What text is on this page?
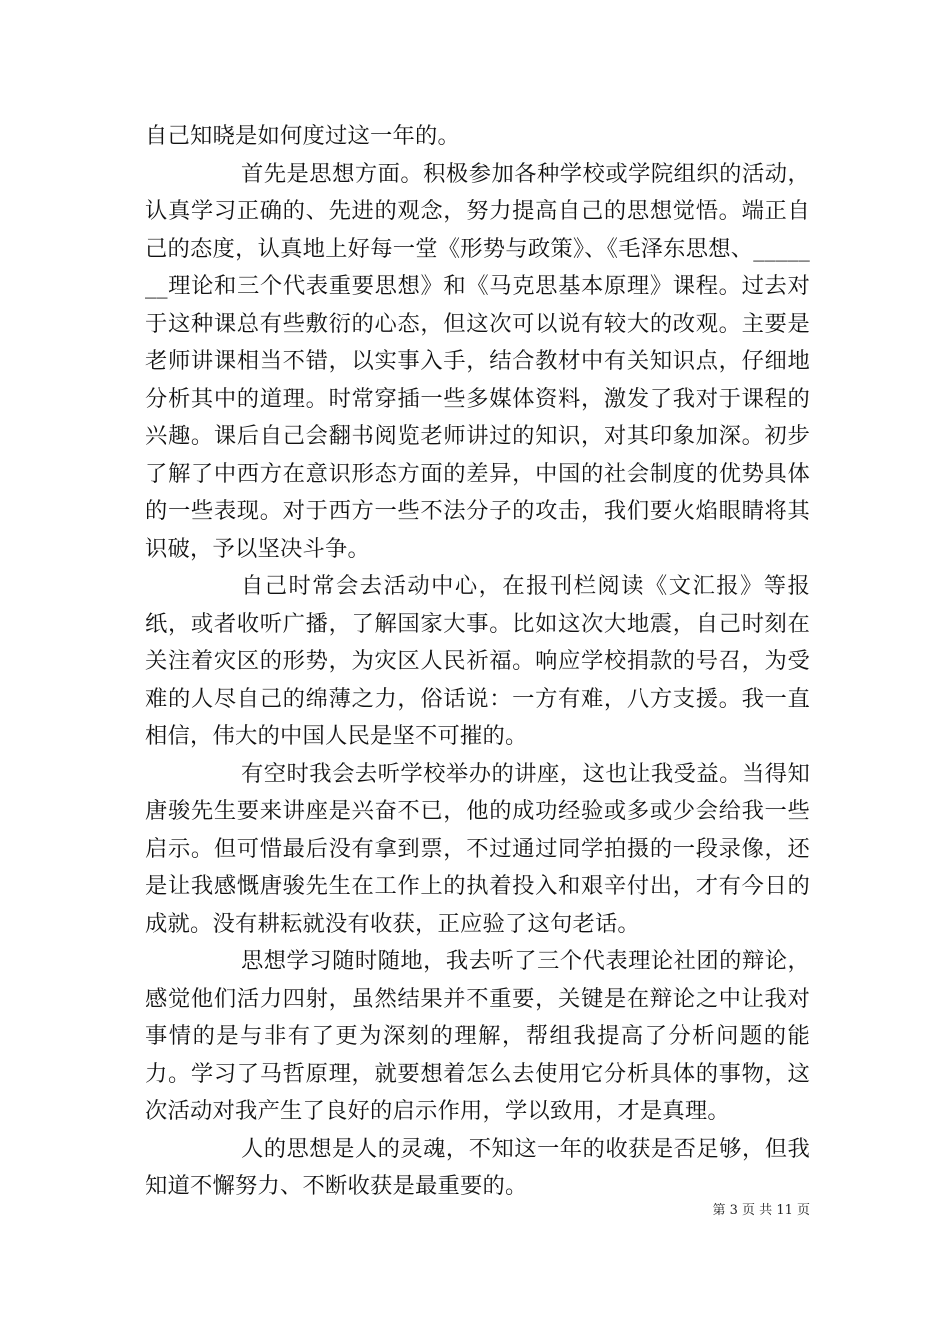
自己知晓是如何度过这一年的。

首先是思想方面。积极参加各种学校或学院组织的活动，认真学习正确的、先进的观念，努力提高自己的思想觉悟。端正自己的态度，认真地上好每一堂《形势与政策》、《毛泽东思想、_______理论和三个代表重要思想》和《马克思基本原理》课程。过去对于这种课总有些敷衍的心态，但这次可以说有较大的改观。主要是老师讲课相当不错，以实事入手，结合教材中有关知识点，仔细地分析其中的道理。时常穿插一些多媒体资料，激发了我对于课程的兴趣。课后自己会翻书阅览老师讲过的知识，对其印象加深。初步了解了中西方在意识形态方面的差异，中国的社会制度的优势具体的一些表现。对于西方一些不法分子的攻击，我们要火焰眼睛将其识破，予以坚决斗争。

自己时常会去活动中心，在报刊栏阅读《文汇报》等报纸，或者收听广播，了解国家大事。比如这次大地震，自己时刻在关注着灾区的形势，为灾区人民祈福。响应学校捐款的号召，为受难的人尽自己的绵薄之力，俗话说：一方有难，八方支援。我一直相信，伟大的中国人民是坚不可摧的。

有空时我会去听学校举办的讲座，这也让我受益。当得知唐骏先生要来讲座是兴奋不已，他的成功经验或多或少会给我一些启示。但可惜最后没有拿到票，不过通过同学拍摄的一段录像，还是让我感慨唐骏先生在工作上的执着投入和艰辛付出，才有今日的成就。没有耕耘就没有收获，正应验了这句老话。

思想学习随时随地，我去听了三个代表理论社团的辩论，感觉他们活力四射，虽然结果并不重要，关键是在辩论之中让我对事情的是与非有了更为深刻的理解，帮组我提高了分析问题的能力。学习了马哲原理，就要想着怎么去使用它分析具体的事物，这次活动对我产生了良好的启示作用，学以致用，才是真理。

人的思想是人的灵魂，不知这一年的收获是否足够，但我知道不懈努力、不断收获是最重要的。

第 3 页 共 11 页
